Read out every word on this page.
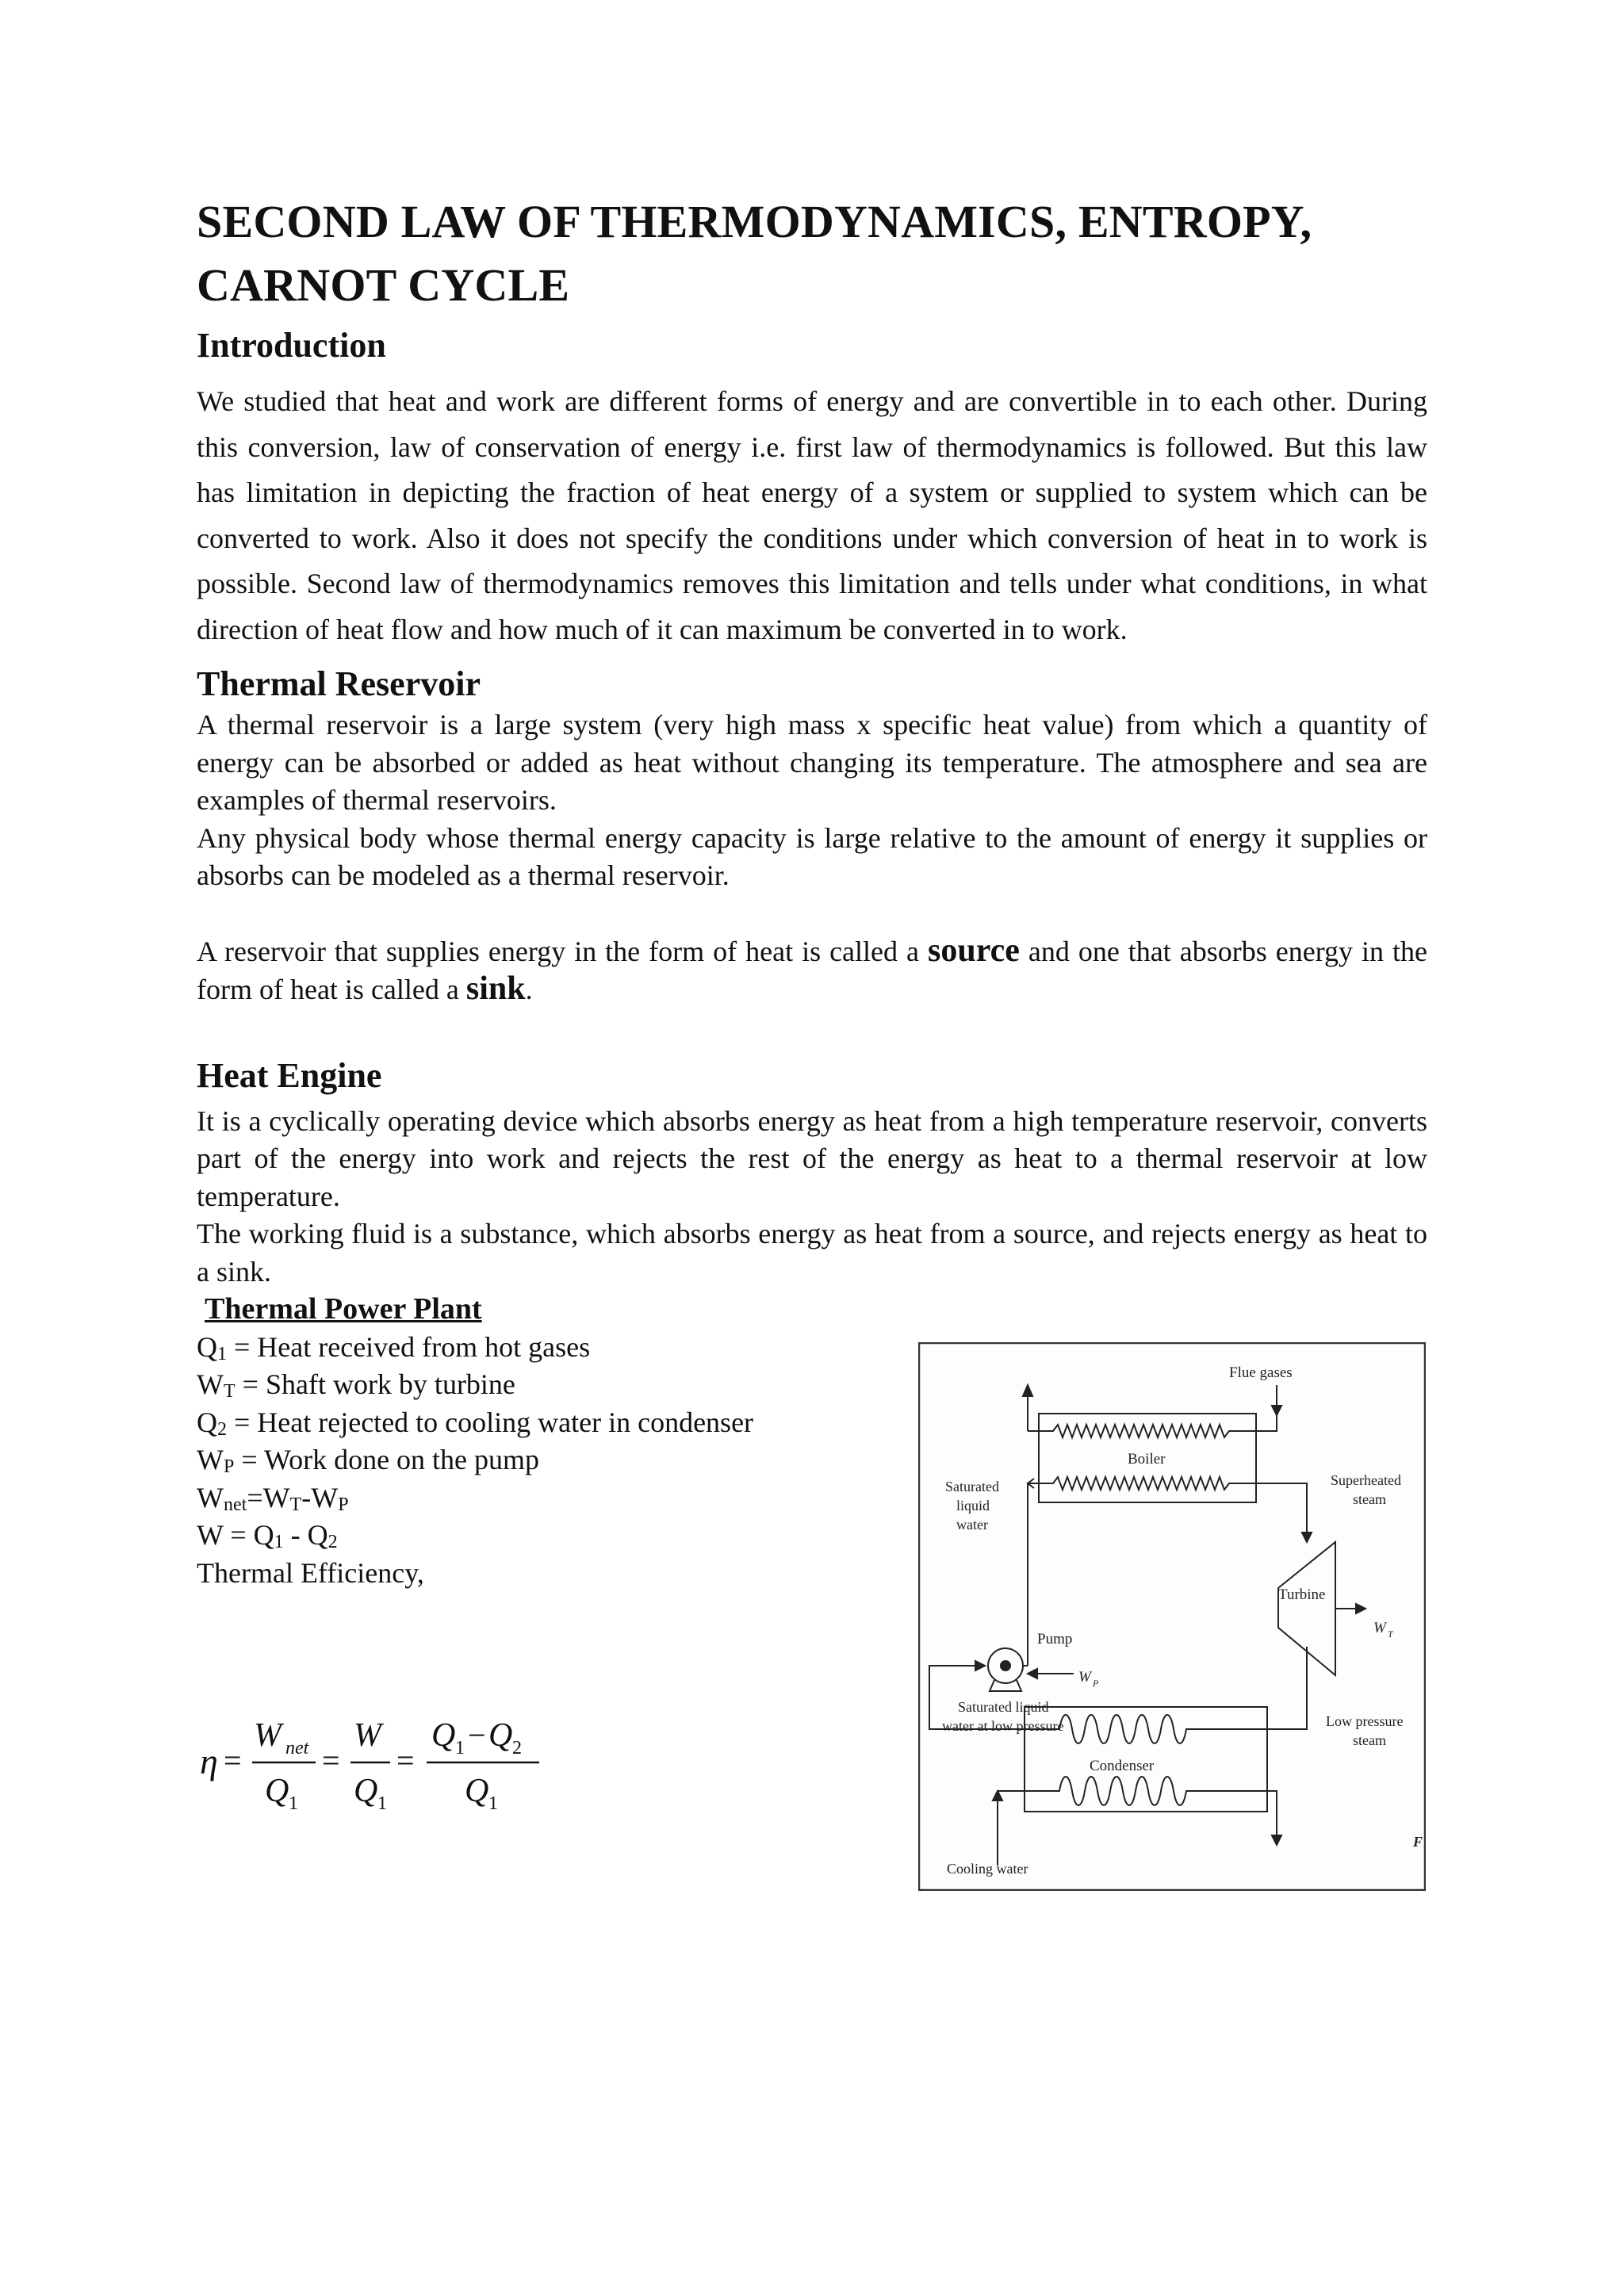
SECOND LAW OF THERMODYNAMICS, ENTROPY, CARNOT CYCLE
Introduction

We studied that heat and work are different forms of energy and are convertible in to each other. During this conversion, law of conservation of energy i.e. first law of thermodynamics is followed. But this law has limitation in depicting the fraction of heat energy of a system or supplied to system which can be converted to work. Also it does not specify the conditions under which conversion of heat in to work is possible. Second law of thermodynamics removes this limitation and tells under what conditions, in what direction of heat flow and how much of it can maximum be converted in to work.

Thermal Reservoir

A thermal reservoir is a large system (very high mass x specific heat value) from which a quantity of energy can be absorbed or added as heat without changing its temperature. The atmosphere and sea are examples of thermal reservoirs.

Any physical body whose thermal energy capacity is large relative to the amount of energy it supplies or absorbs can be modeled as a thermal reservoir.

A reservoir that supplies energy in the form of heat is called a source and one that absorbs energy in the form of heat is called a sink.

Heat Engine

It is a cyclically operating device which absorbs energy as heat from a high temperature reservoir, converts part of the energy into work and rejects the rest of the energy as heat to a thermal reservoir at low temperature.

The working fluid is a substance, which absorbs energy as heat from a source, and rejects energy as heat to a sink.

Thermal Power Plant

$Q_1$ = Heat received from hot gases

$W_T$ = Shaft work by turbine

$Q_2$ = Heat rejected to cooling water in condenser

$W_P$ = Work done on the pump

$W_{net}=W_T-W_P$

$W = Q_1 - Q_2$

Thermal Efficiency,

η =
W net
Q 1
=
W
Q 1
=
Q 1 − Q 2
Q 1
Flue gases
Boiler
Saturated
liquid
water
Superheated
steam
Turbine
W T
Low pressure
steam
Condenser
Cooling water
Pump
W P
Saturated liquid
water at low pressure
F
